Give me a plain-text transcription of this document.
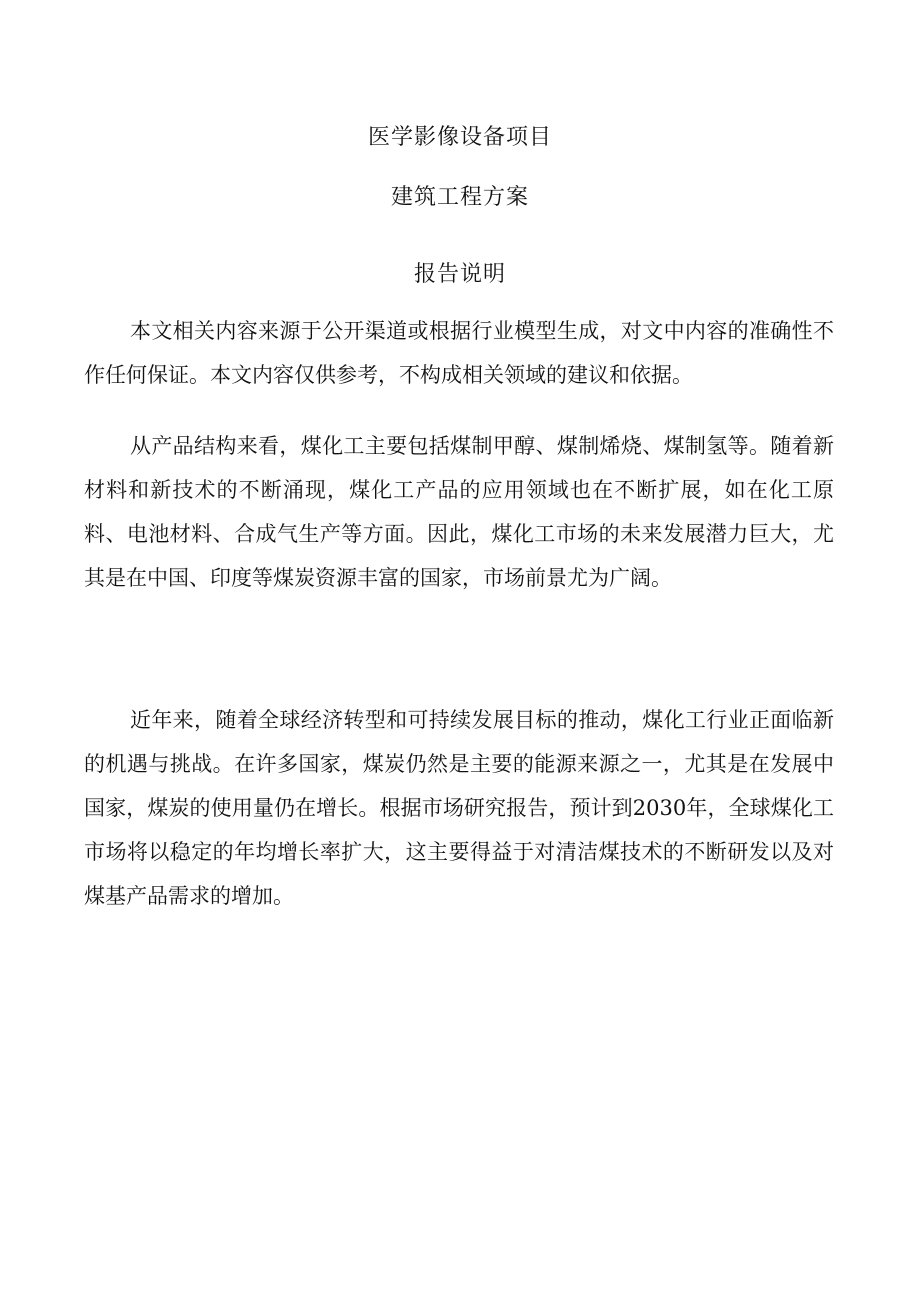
医学影像设备项目
建筑工程方案
报告说明

本文相关内容来源于公开渠道或根据行业模型生成，对文中内容的准确性不作任何保证。本文内容仅供参考，不构成相关领域的建议和依据。

从产品结构来看，煤化工主要包括煤制甲醇、煤制烯烧、煤制氢等。随着新材料和新技术的不断涌现，煤化工产品的应用领域也在不断扩展，如在化工原料、电池材料、合成气生产等方面。因此，煤化工市场的未来发展潜力巨大，尤其是在中国、印度等煤炭资源丰富的国家，市场前景尤为广阔。

近年来，随着全球经济转型和可持续发展目标的推动，煤化工行业正面临新的机遇与挑战。在许多国家，煤炭仍然是主要的能源来源之一，尤其是在发展中国家，煤炭的使用量仍在增长。根据市场研究报告，预计到2030年，全球煤化工市场将以稳定的年均增长率扩大，这主要得益于对清洁煤技术的不断研发以及对煤基产品需求的增加。
